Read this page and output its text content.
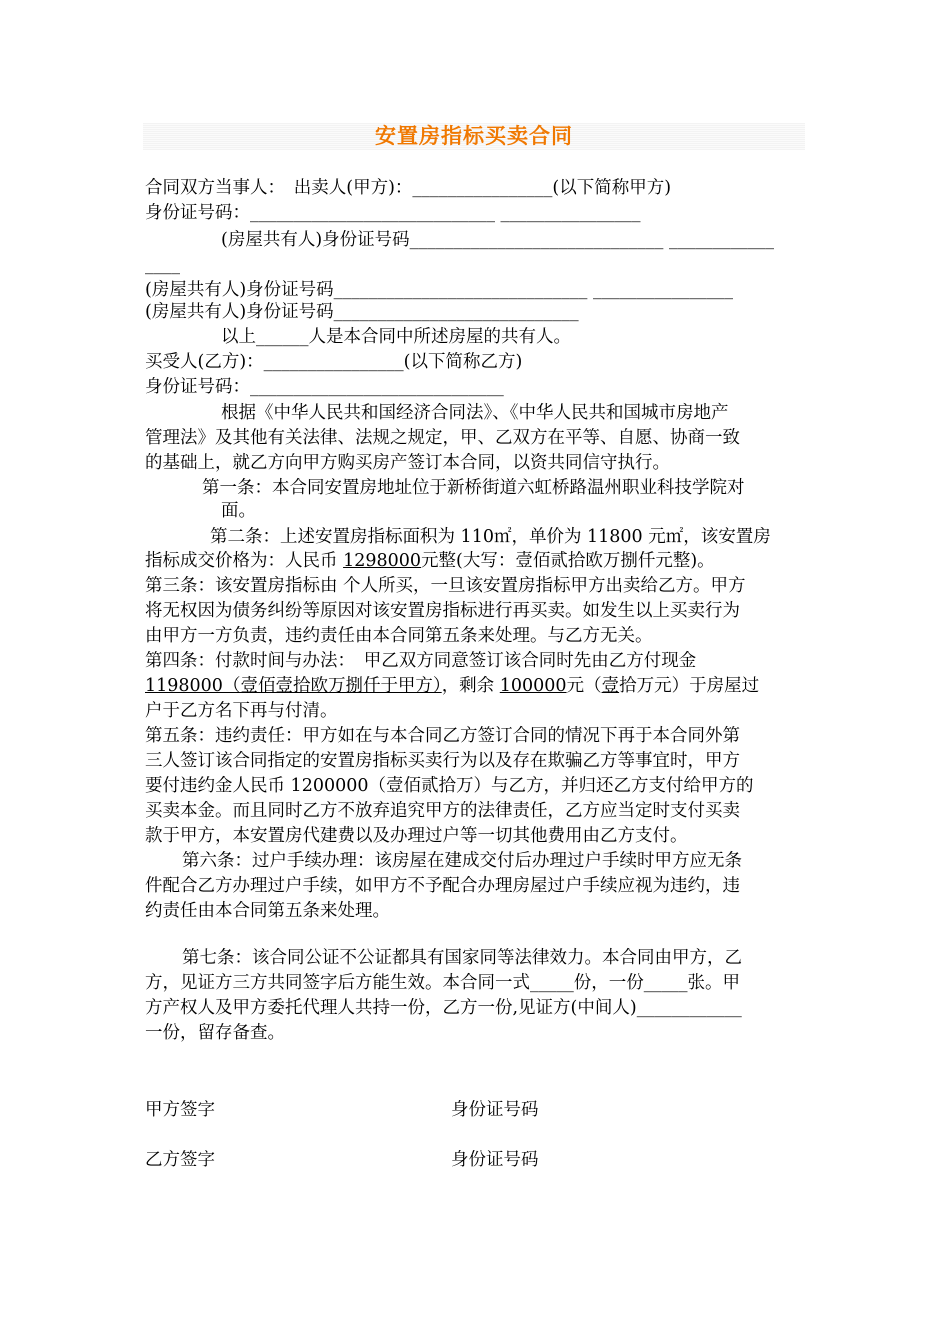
安置房指标买卖合同
合同双方当事人：　出卖人(甲方)：________________(以下简称甲方)
身份证号码：____________________________ ________________
(房屋共有人)身份证号码_____________________________ ____________
____
(房屋共有人)身份证号码_____________________________ ________________
(房屋共有人)身份证号码____________________________
以上______人是本合同中所述房屋的共有人。
买受人(乙方)：________________(以下简称乙方)
身份证号码：_____________________________
根据《中华人民共和国经济合同法》、《中华人民共和国城市房地产
管理法》及其他有关法律、法规之规定，甲、乙双方在平等、自愿、协商一致
的基础上，就乙方向甲方购买房产签订本合同，以资共同信守执行。
第一条：本合同安置房地址位于新桥街道六虹桥路温州职业科技学院对
面。
第二条：上述安置房指标面积为 110㎡，单价为 11800 元㎡，该安置房
指标成交价格为：人民币 1298000元整(大写：壹佰贰拾欧万捌仟元整)。
第三条：该安置房指标由 个人所买，一旦该安置房指标甲方出卖给乙方。甲方
将无权因为债务纠纷等原因对该安置房指标进行再买卖。如发生以上买卖行为
由甲方一方负责，违约责任由本合同第五条来处理。与乙方无关。
第四条：付款时间与办法：　甲乙双方同意签订该合同时先由乙方付现金
1198000（壹佰壹拾欧万捌仟于甲方），剩余 100000元（壹拾万元）于房屋过
户于乙方名下再与付清。
第五条：违约责任：甲方如在与本合同乙方签订合同的情况下再于本合同外第
三人签订该合同指定的安置房指标买卖行为以及存在欺骗乙方等事宜时，甲方
要付违约金人民币 1200000（壹佰贰拾万）与乙方，并归还乙方支付给甲方的
买卖本金。而且同时乙方不放弃追究甲方的法律责任，乙方应当定时支付买卖
款于甲方，本安置房代建费以及办理过户等一切其他费用由乙方支付。
第六条：过户手续办理：该房屋在建成交付后办理过户手续时甲方应无条
件配合乙方办理过户手续，如甲方不予配合办理房屋过户手续应视为违约，违
约责任由本合同第五条来处理。
第七条：该合同公证不公证都具有国家同等法律效力。本合同由甲方，乙
方，见证方三方共同签字后方能生效。本合同一式_____份，一份_____张。甲
方产权人及甲方委托代理人共持一份，乙方一份,见证方(中间人)____________
一份，留存备查。
甲方签字	身份证号码
乙方签字	身份证号码
